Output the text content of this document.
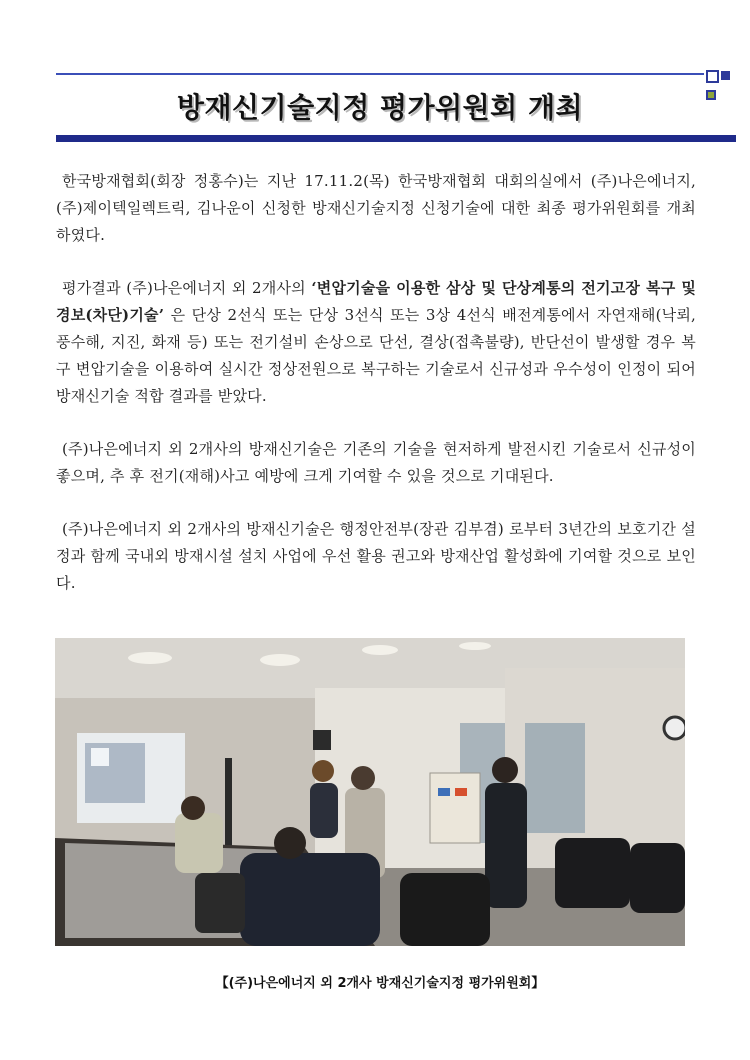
방재신기술지정 평가위원회 개최

한국방재협회(회장 정홍수)는 지난 17.11.2(목) 한국방재협회 대회의실에서 (주)나은에너지, (주)제이텍일렉트릭, 김나운이 신청한 방재신기술지정 신청기술에 대한 최종 평가위원회를 개최하였다.

평가결과 (주)나은에너지 외 2개사의 ‘변압기술을 이용한 삼상 및 단상계통의 전기고장 복구 및 경보(차단)기술’ 은 단상 2선식 또는 단상 3선식 또는 3상 4선식 배전계통에서 자연재해(낙뢰, 풍수해, 지진, 화재 등) 또는 전기설비 손상으로 단선, 결상(접촉불량), 반단선이 발생할 경우 복구 변압기술을 이용하여 실시간 정상전원으로 복구하는 기술로서 신규성과 우수성이 인정이 되어 방재신기술 적합 결과를 받았다.

(주)나은에너지 외 2개사의 방재신기술은 기존의 기술을 현저하게 발전시킨 기술로서 신규성이 좋으며, 추 후 전기(재해)사고 예방에 크게 기여할 수 있을 것으로 기대된다.

(주)나은에너지 외 2개사의 방재신기술은 행정안전부(장관 김부겸) 로부터 3년간의 보호기간 설정과 함께 국내외 방재시설 설치 사업에 우선 활용 권고와 방재산업 활성화에 기여할 것으로 보인다.

【(주)나은에너지 외 2개사 방재신기술지정 평가위원회】
